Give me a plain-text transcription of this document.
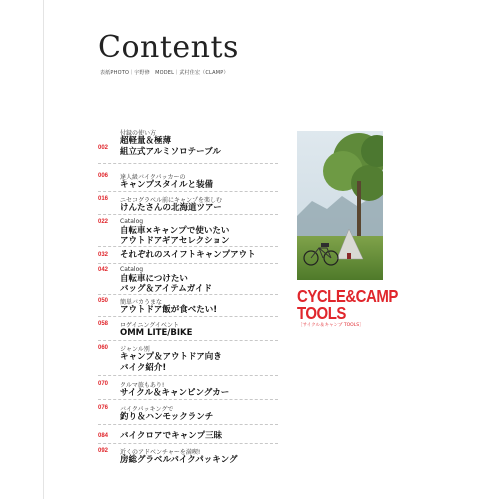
Contents
表紙PHOTO｜宇野修　MODEL｜武村佳宏（CLAMP）
付録の使い方
002
超軽量＆極薄
組立式アルミソロテーブル
達人級バイクパッカーの
006
キャンプスタイルと装備
ニセコグラベル前にキャンプを楽しむ
016
けんたさんの北海道ツアー
Catalog
022
自転車×キャンプで使いたい
アウトドアギアセレクション
032 それぞれのスイフトキャンプアウト
Catalog
042
自転車につけたい
バッグ＆アイテムガイド
簡単バカうまな
050
アウトドア飯が食べたい!
ロゲイニングイベント
058
OMM LITE/BIKE
ジャンル別
060
キャンプ＆アウトドア向き
バイク紹介!
クルマ旅もあり!
070
サイクル＆キャンピングカー
バイクパッキングで
076
釣り＆ハンモックランチ
084 バイクロアでキャンプ三昧
近くのアドベンチャーを満喫!
092
房総グラベルバイクパッキング
CYCLE&CAMP
TOOLS
［サイクル＆キャンプ TOOLS］
